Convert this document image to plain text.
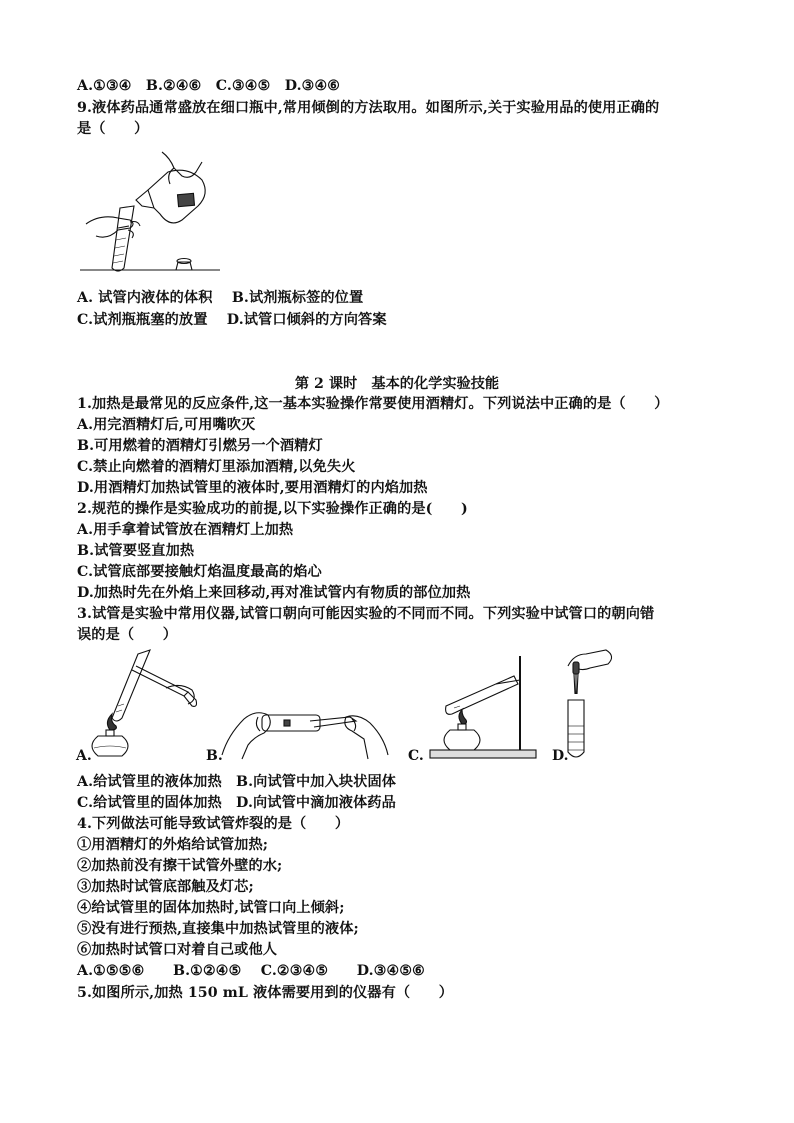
A.①③④　B.②④⑥　C.③④⑤　D.③④⑥
9.液体药品通常盛放在细口瓶中,常用倾倒的方法取用。如图所示,关于实验用品的使用正确的
是（　　）
A. 试管内液体的体积　 B.试剂瓶标签的位置
C.试剂瓶瓶塞的放置　 D.试管口倾斜的方向答案
第 2 课时　基本的化学实验技能
1.加热是最常见的反应条件,这一基本实验操作常要使用酒精灯。下列说法中正确的是（　　）
A.用完酒精灯后,可用嘴吹灭
B.可用燃着的酒精灯引燃另一个酒精灯
C.禁止向燃着的酒精灯里添加酒精,以免失火
D.用酒精灯加热试管里的液体时,要用酒精灯的内焰加热
2.规范的操作是实验成功的前提,以下实验操作正确的是(　　)
A.用手拿着试管放在酒精灯上加热
B.试管要竖直加热
C.试管底部要接触灯焰温度最高的焰心
D.加热时先在外焰上来回移动,再对准试管内有物质的部位加热
3.试管是实验中常用仪器,试管口朝向可能因实验的不同而不同。下列实验中试管口的朝向错
误的是（　　）
A.	B.	C.	D.
A.给试管里的液体加热　B.向试管中加入块状固体
C.给试管里的固体加热　D.向试管中滴加液体药品
4.下列做法可能导致试管炸裂的是（　　）
①用酒精灯的外焰给试管加热;
②加热前没有擦干试管外壁的水;
③加热时试管底部触及灯芯;
④给试管里的固体加热时,试管口向上倾斜;
⑤没有进行预热,直接集中加热试管里的液体;
⑥加热时试管口对着自己或他人
A.①⑤⑤⑥　　B.①②④⑤　 C.②③④⑤　　D.③④⑤⑥
5.如图所示,加热 150 mL 液体需要用到的仪器有（　　）
